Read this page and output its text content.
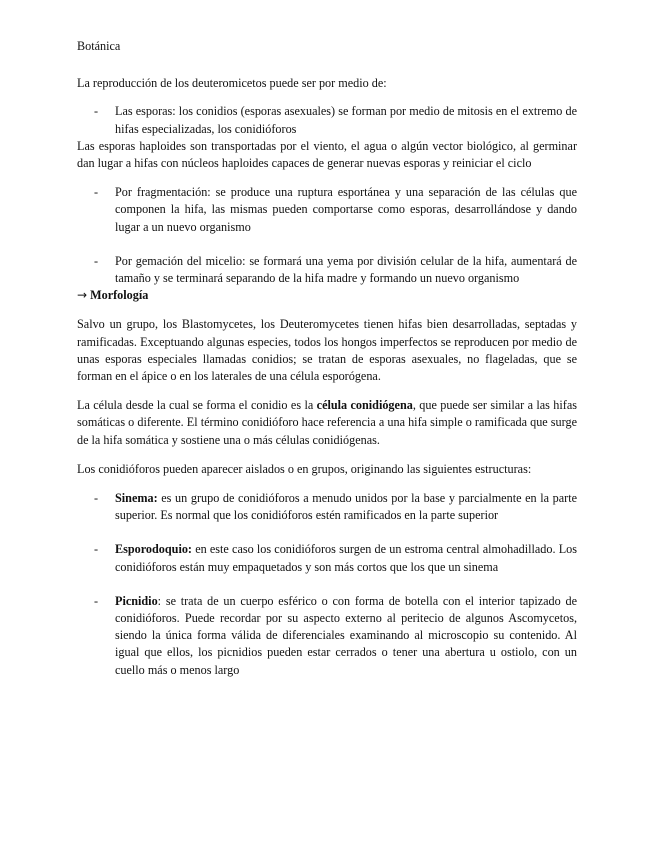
Botánica

La reproducción de los deuteromicetos puede ser por medio de:

- Las esporas: los conidios (esporas asexuales) se forman por medio de mitosis en el extremo de hifas especializadas, los conidióforos

Las esporas haploides son transportadas por el viento, el agua o algún vector biológico, al germinar dan lugar a hifas con núcleos haploides capaces de generar nuevas esporas y reiniciar el ciclo

- Por fragmentación: se produce una ruptura esportánea y una separación de las células que componen la hifa, las mismas pueden comportarse como esporas, desarrollándose y dando lugar a un nuevo organismo
- Por gemación del micelio: se formará una yema por división celular de la hifa, aumentará de tamaño y se terminará separando de la hifa madre y formando un nuevo organismo
→ Morfología

Salvo un grupo, los Blastomycetes, los Deuteromycetes tienen hifas bien desarrolladas, septadas y ramificadas. Exceptuando algunas especies, todos los hongos imperfectos se reproducen por medio de unas esporas especiales llamadas conidios; se tratan de esporas asexuales, no flageladas, que se forman en el ápice o en los laterales de una célula esporógena.

La célula desde la cual se forma el conidio es la célula conidiógena, que puede ser similar a las hifas somáticas o diferente. El término conidióforo hace referencia a una hifa simple o ramificada que surge de la hifa somática y sostiene una o más células conidiógenas.

Los conidióforos pueden aparecer aislados o en grupos, originando las siguientes estructuras:

- Sinema: es un grupo de conidióforos a menudo unidos por la base y parcialmente en la parte superior. Es normal que los conidióforos estén ramificados en la parte superior
- Esporodoquio: en este caso los conidióforos surgen de un estroma central almohadillado. Los conidióforos están muy empaquetados y son más cortos que los que un sinema
- Picnidio: se trata de un cuerpo esférico o con forma de botella con el interior tapizado de conidióforos. Puede recordar por su aspecto externo al peritecio de algunos Ascomycetos, siendo la única forma válida de diferenciales examinando al microscopio su contenido. Al igual que ellos, los picnidios pueden estar cerrados o tener una abertura u ostiolo, con un cuello más o menos largo
